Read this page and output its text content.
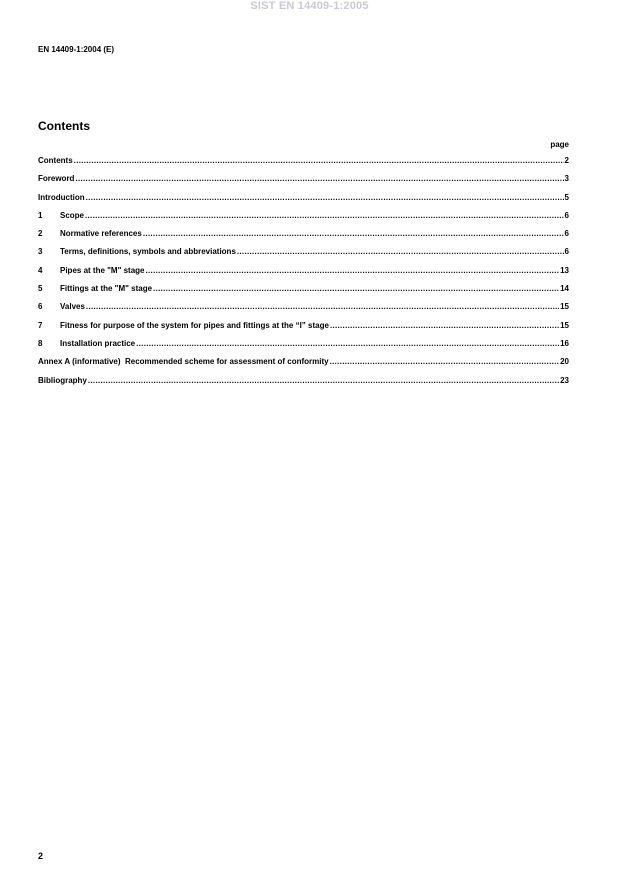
SIST EN 14409-1:2005
EN 14409-1:2004 (E)
Contents
page
Contents .....	2
Foreword .....	3
Introduction .....	5
1	Scope .....	6
2	Normative references .....	6
3	Terms, definitions, symbols and abbreviations .....	6
4	Pipes at the "M" stage .....	13
5	Fittings at the "M" stage .....	14
6	Valves .....	15
7	Fitness for purpose of the system for pipes and fittings at the “I” stage .....	15
8	Installation practice .....	16
Annex A (informative)  Recommended scheme for assessment of conformity .....	20
Bibliography .....	23
2
